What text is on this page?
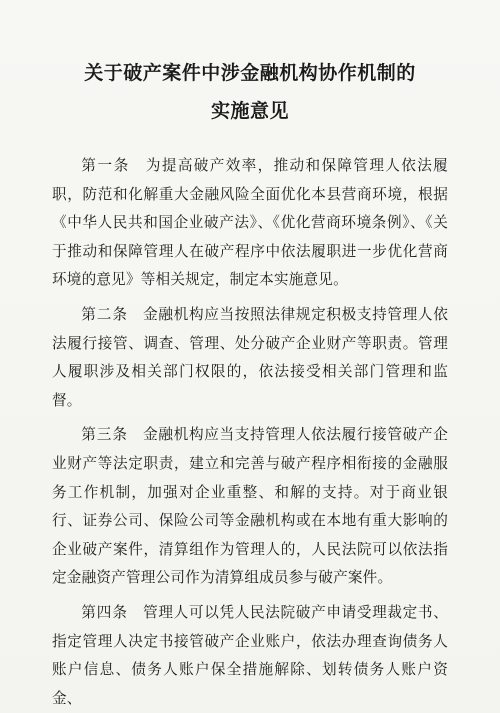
关于破产案件中涉金融机构协作机制的
实施意见

第一条　为提高破产效率，推动和保障管理人依法履职，防范和化解重大金融风险全面优化本县营商环境，根据《中华人民共和国企业破产法》、《优化营商环境条例》、《关于推动和保障管理人在破产程序中依法履职进一步优化营商环境的意见》等相关规定，制定本实施意见。

第二条　金融机构应当按照法律规定积极支持管理人依法履行接管、调查、管理、处分破产企业财产等职责。管理人履职涉及相关部门权限的，依法接受相关部门管理和监督。

第三条　金融机构应当支持管理人依法履行接管破产企业财产等法定职责，建立和完善与破产程序相衔接的金融服务工作机制，加强对企业重整、和解的支持。对于商业银行、证券公司、保险公司等金融机构或在本地有重大影响的企业破产案件，清算组作为管理人的，人民法院可以依法指定金融资产管理公司作为清算组成员参与破产案件。

第四条　管理人可以凭人民法院破产申请受理裁定书、指定管理人决定书接管破产企业账户，依法办理查询债务人账户信息、债务人账户保全措施解除、划转债务人账户资金、
